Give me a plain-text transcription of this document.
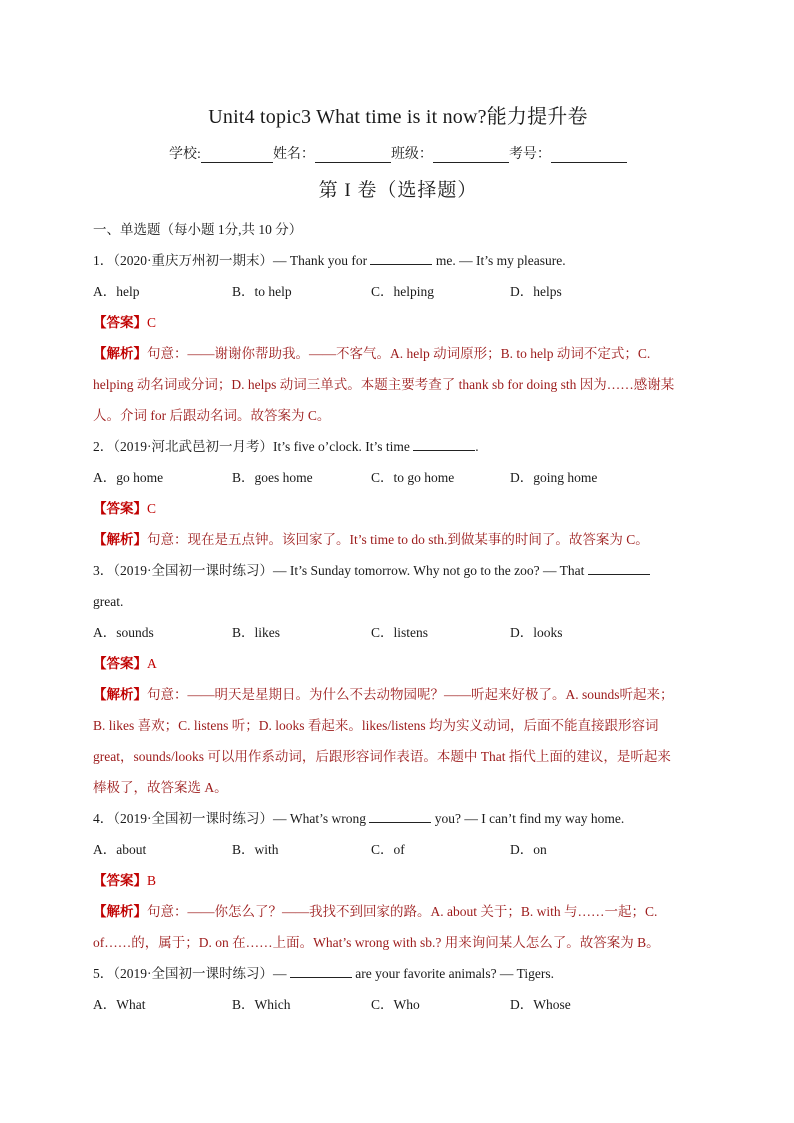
Unit4 topic3 What time is it now?能力提升卷
学校:	姓名：	班级：	考号：
第 I 卷（选择题）
一、单选题（每小题 1分,共 10 分）
1．（2020·重庆万州初一期末）— Thank you for	me. — It’s my pleasure.
A．help	B．to help	C．helping	D．helps
【答案】C
【解析】句意：——谢谢你帮助我。——不客气。A. help 动词原形；B. to help 动词不定式；C.
helping 动名词或分词；D. helps 动词三单式。本题主要考查了 thank sb for doing sth 因为……感谢某
人。介词 for 后跟动名词。故答案为 C。
2．（2019·河北武邑初一月考）It’s five o’clock. It’s time	.
A．go home	B．goes home	C．to go home	D．going home
【答案】C
【解析】句意：现在是五点钟。该回家了。It’s time to do sth.到做某事的时间了。故答案为 C。
3．（2019·全国初一课时练习）— It’s Sunday tomorrow. Why not go to the zoo? — That
great.
A．sounds	B．likes	C．listens	D．looks
【答案】A
【解析】句意：——明天是星期日。为什么不去动物园呢？——听起来好极了。A. sounds听起来；
B. likes 喜欢；C. listens 听；D. looks 看起来。likes/listens 均为实义动词，后面不能直接跟形容词
great，sounds/looks 可以用作系动词，后跟形容词作表语。本题中 That 指代上面的建议，是听起来
棒极了，故答案选 A。
4．（2019·全国初一课时练习）— What’s wrong	you? — I can’t find my way home.
A．about	B．with	C．of	D．on
【答案】B
【解析】句意：——你怎么了？——我找不到回家的路。A. about 关于；B. with 与……一起；C.
of……的，属于；D. on 在……上面。What’s wrong with sb.? 用来询问某人怎么了。故答案为 B。
5．（2019·全国初一课时练习）—	are your favorite animals? — Tigers.
A．What	B．Which	C．Who	D．Whose
